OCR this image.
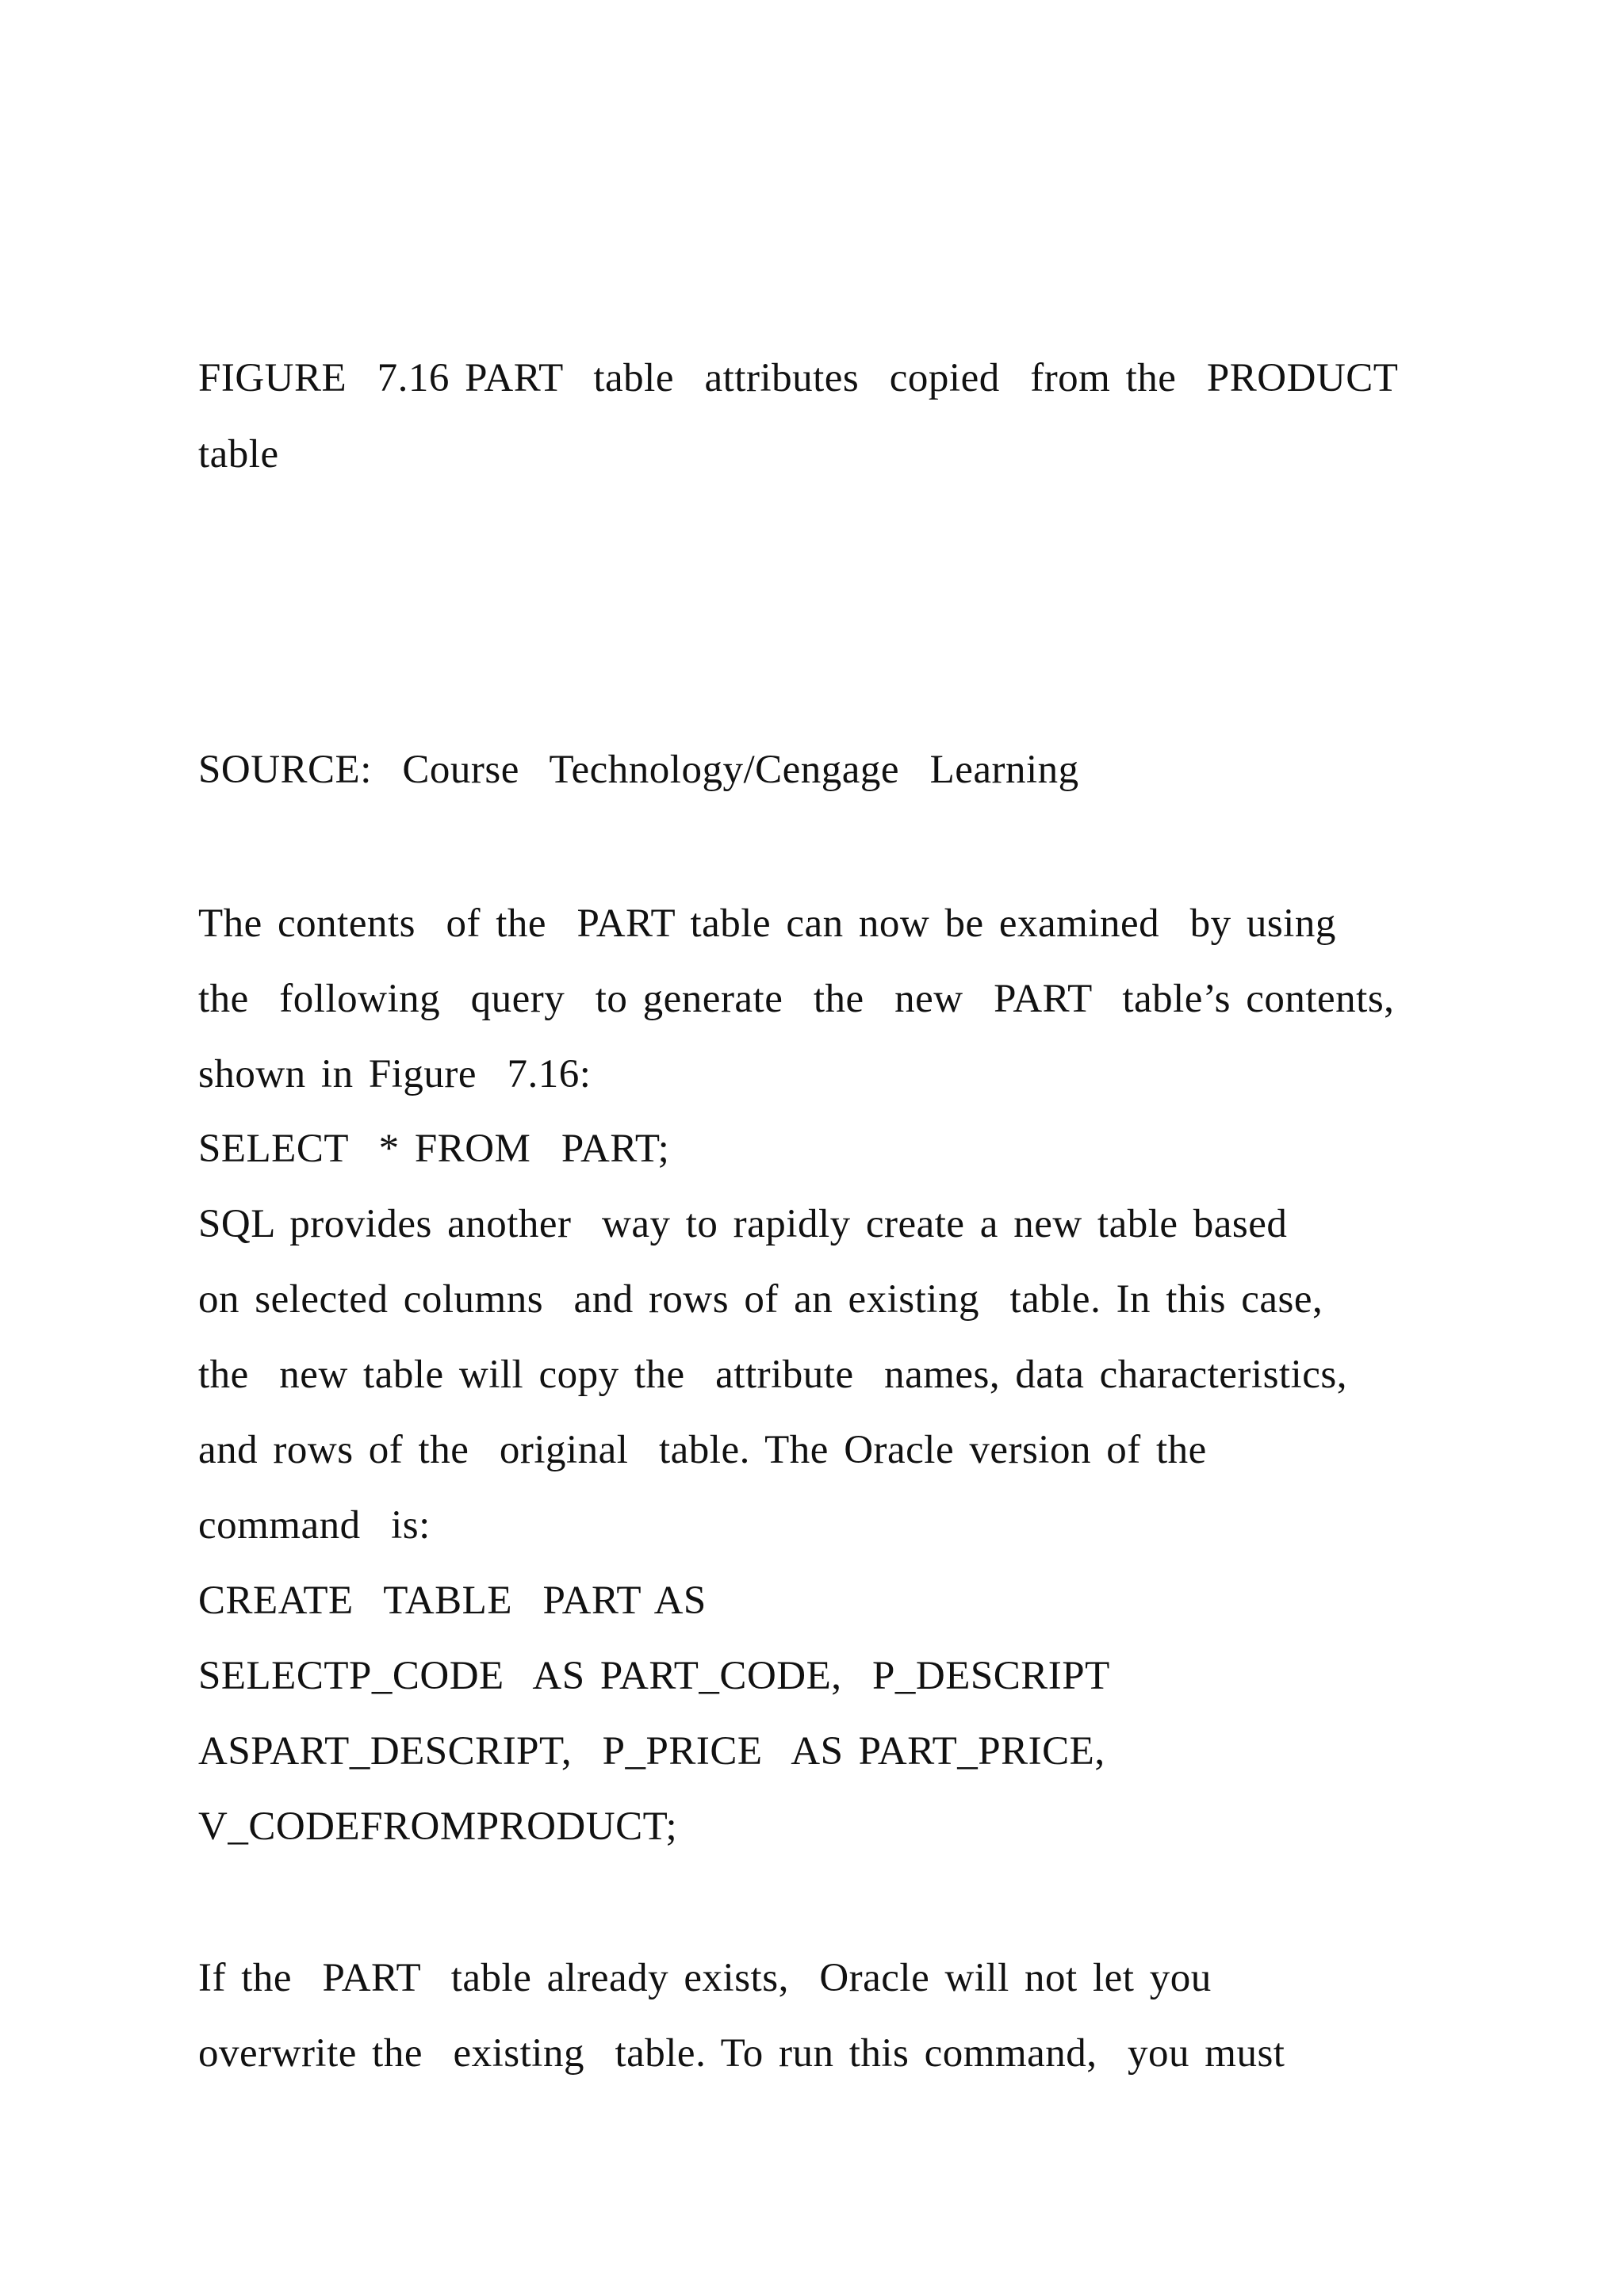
FIGURE  7.16 PART  table  attributes  copied  from the  PRODUCT
table
SOURCE:  Course  Technology/Cengage  Learning
The contents  of the  PART table can now be examined  by using
the  following  query  to generate  the  new  PART  table’s contents,
shown in Figure  7.16:
SELECT  * FROM  PART;
SQL provides another  way to rapidly create a new table based
on selected columns  and rows of an existing  table. In this case,
the  new table will copy the  attribute  names, data characteristics,
and rows of the  original  table. The Oracle version of the
command  is:
CREATE  TABLE  PART AS
SELECTP_CODE  AS PART_CODE,  P_DESCRIPT
ASPART_DESCRIPT,  P_PRICE  AS PART_PRICE,
V_CODEFROMPRODUCT;
If the  PART  table already exists,  Oracle will not let you
overwrite the  existing  table. To run this command,  you must
